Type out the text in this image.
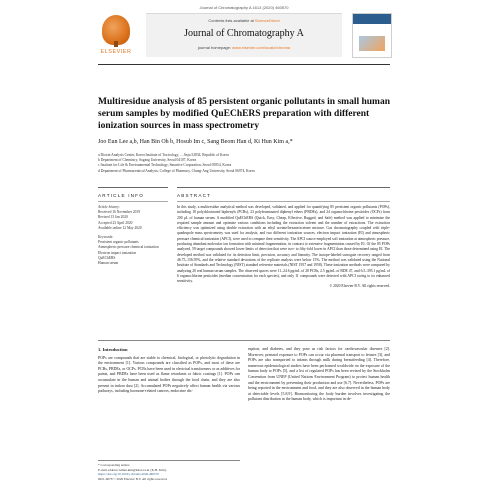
Journal of Chromatography A 1613 (2020) 460570
ELSEVIER
Contents lists available at ScienceDirect
Journal of Chromatography A
journal homepage: www.elsevier.com/locate/chroma
Multiresidue analysis of 85 persistent organic pollutants in small human serum samples by modified QuEChERS preparation with different ionization sources in mass spectrometry
Joo Eun Lee a,b, Han Bin Oh b, Hosub Im c, Sang Beom Han d, Ki Hun Kim a,*
a Dioxin Analysis Center, Korea Institute of Toxicology, ... Jinju 52834, Republic of Korea
b Department of Chemistry, Sogang University, Seoul 04107, Korea
c Institute for Life & Environmental Technology, Smartive Corporation, Seoul 05854, Korea
d Department of Pharmaceutical Analysis, College of Pharmacy, Chung-Ang University, Seoul 06974, Korea
ARTICLE INFO	ABSTRACT
Article history:
Received 16 November 2019
Revised 13 Jan 2020
Accepted 23 April 2020
Available online 12 May 2020
Keywords:
Persistent organic pollutants
Atmospheric pressure chemical ionization
Electron impact ionization
QuEChERS
Human serum
In this study, a multiresidue analytical method was developed, validated, and applied for quantifying 85 persistent organic pollutants (POPs), including 18 polychlorinated biphenyls (PCBs), 23 polybrominated diphenyl ethers (PBDEs), and 24 organochlorine pesticides (OCPs) from 200 μL of human serum. A modified QuEChERS (Quick, Easy, Cheap, Effective, Rugged, and Safe) method was applied to minimize the required sample amount and optimize various conditions including the extraction solvent and the number of extractions. The extraction efficiency was optimized using double extraction with an ethyl acetate/hexane/acetone mixture. Gas chromatography coupled with triple-quadrupole mass spectrometry was used for analysis, and two different ionization sources, electron impact ionization (EI) and atmospheric pressure chemical ionization (APCI), were used to compare their sensitivity. The APCI source employed soft ionization at atmospheric pressure, producing abundant molecular ion formation with minimal fragmentation, in contrast to extensive fragmentation caused by EI. Of the 85 POPs analyzed, 59 target compounds showed lower limits of detection that were two- to fifty-fold lower in APCI than those determined using EI. The developed method was validated for its detection limit, precision, accuracy and linearity. The isotope-labeled surrogate recovery ranged from 46.75–156.95%, and the relative standard deviations of the replicate analysis were below 15%. The method was validated using the National Institute of Standards and Technology (NIST) standard reference materials (NIST 1957 and 1958). These ionization methods were compared by analyzing 20 real human serum samples. The observed spaces were 11–24.6 pg/mL of 28 PCBs, 2.5 pg/mL of BDE 47, and 6.5–395.1 pg/mL of 6 organochlorine pesticides (median concentration for each species), and only 11 compounds were detected with APCI owing to its enhanced sensitivity.
© 2020 Elsevier B.V. All rights reserved.
1. Introduction
POPs are compounds that are stable to chemical, biological, or photolytic degradation in the environment [1]. Various compounds are classified as POPs, and most of these are PCBs, PBDEs, or OCPs. PCBs have been used in electrical transformers or as additives for paints, and PBDEs have been used as flame retardants or fabric coatings [1]. POPs can accumulate in the human and animal bodies through the food chain, and they are also present in indoor dust [2]. Accumulated POPs negatively affect human health via various pathways, including hormone-related cancers, endocrine dis-
ruption, and diabetes, and they pose as risk factors for cardiovascular diseases [2]. Moreover, prenatal exposure to POPs can occur via placental transport to fetuses [3], and POPs are also transported to infants through milk during breastfeeding [4]. Therefore, numerous epidemiological studies have been performed worldwide on the exposure of the human body to POPs [5], and a list of regulated POPs has been revised by the Stockholm Convention from UNEP (United Nations Environment Program) to protect human health and the environment by preventing their production and use [6,7]. Nevertheless, POPs are being reported in the environment and food, and they are also observed in the human body at detectable levels [5,8,9]. Biomonitoring the body burden involves investigating the pollutant distribution in the human body, which is important in de-
* Corresponding author.
E-mail address: kihun.kim@kitox.re.kr (K.H. Kim).
https://doi.org/10.1016/j.chroma.2020.460570
0021-9673/© 2020 Elsevier B.V. All rights reserved.
